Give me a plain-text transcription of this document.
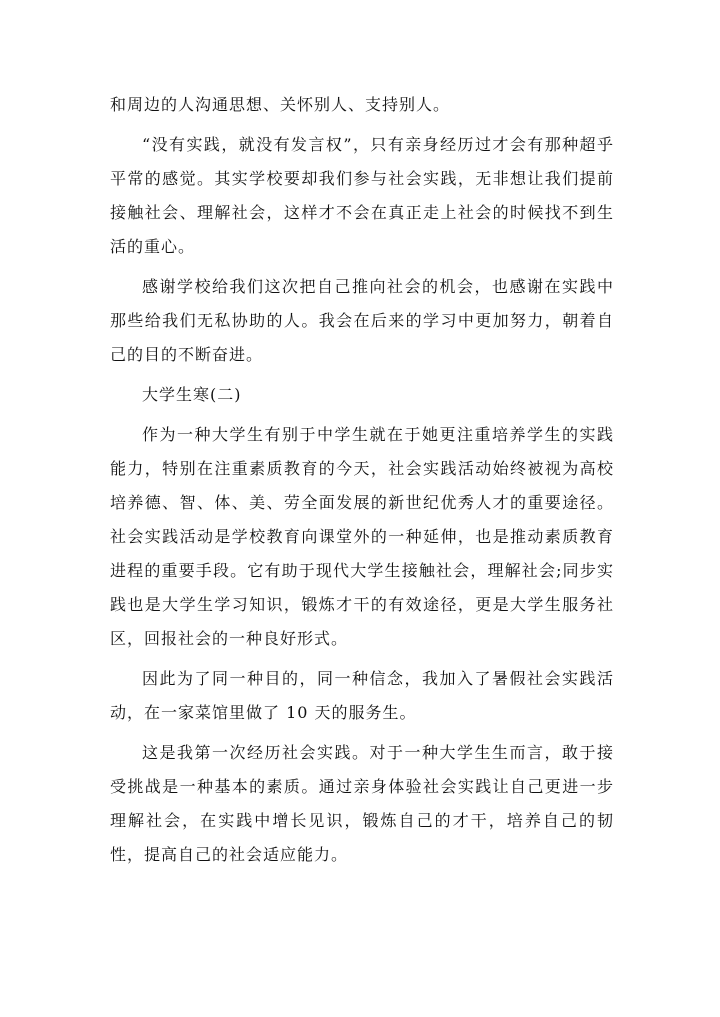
和周边的人沟通思想、关怀别人、支持别人。

“没有实践，就没有发言权”，只有亲身经历过才会有那种超乎平常的感觉。其实学校要却我们参与社会实践，无非想让我们提前接触社会、理解社会，这样才不会在真正走上社会的时候找不到生活的重心。

感谢学校给我们这次把自己推向社会的机会，也感谢在实践中那些给我们无私协助的人。我会在后来的学习中更加努力，朝着自己的目的不断奋进。

大学生寒(二)

作为一种大学生有别于中学生就在于她更注重培养学生的实践能力，特别在注重素质教育的今天，社会实践活动始终被视为高校培养德、智、体、美、劳全面发展的新世纪优秀人才的重要途径。社会实践活动是学校教育向课堂外的一种延伸，也是推动素质教育进程的重要手段。它有助于现代大学生接触社会，理解社会;同步实践也是大学生学习知识，锻炼才干的有效途径，更是大学生服务社区，回报社会的一种良好形式。

因此为了同一种目的，同一种信念，我加入了暑假社会实践活动，在一家菜馆里做了 10 天的服务生。

这是我第一次经历社会实践。对于一种大学生生而言，敢于接受挑战是一种基本的素质。通过亲身体验社会实践让自己更进一步理解社会，在实践中增长见识，锻炼自己的才干，培养自己的韧性，提高自己的社会适应能力。
